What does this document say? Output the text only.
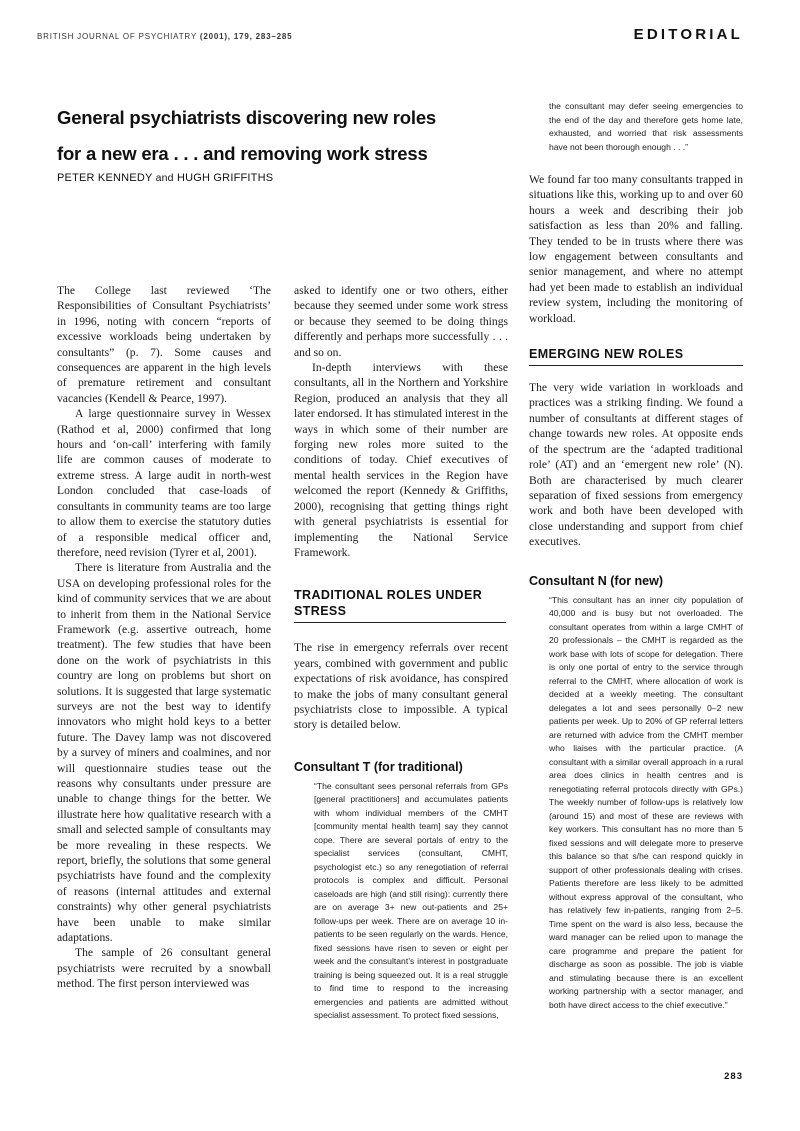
BRITISH JOURNAL OF PSYCHIATRY (2001), 179, 283–285	EDITORIAL
General psychiatrists discovering new roles
for a new era . . . and removing work stress
PETER KENNEDY and HUGH GRIFFITHS

The College last reviewed ‘The Responsibilities of Consultant Psychiatrists’ in 1996, noting with concern “reports of excessive workloads being undertaken by consultants” (p. 7). Some causes and consequences are apparent in the high levels of premature retirement and consultant vacancies (Kendell & Pearce, 1997).

A large questionnaire survey in Wessex (Rathod et al, 2000) confirmed that long hours and ‘on-call’ interfering with family life are common causes of moderate to extreme stress. A large audit in north-west London concluded that case-loads of consultants in community teams are too large to allow them to exercise the statutory duties of a responsible medical officer and, therefore, need revision (Tyrer et al, 2001).

There is literature from Australia and the USA on developing professional roles for the kind of community services that we are about to inherit from them in the National Service Framework (e.g. assertive outreach, home treatment). The few studies that have been done on the work of psychiatrists in this country are long on problems but short on solutions. It is suggested that large systematic surveys are not the best way to identify innovators who might hold keys to a better future. The Davey lamp was not discovered by a survey of miners and coalmines, and nor will questionnaire studies tease out the reasons why consultants under pressure are unable to change things for the better. We illustrate here how qualitative research with a small and selected sample of consultants may be more revealing in these respects. We report, briefly, the solutions that some general psychiatrists have found and the complexity of reasons (internal attitudes and external constraints) why other general psychiatrists have been unable to make similar adaptations.

The sample of 26 consultant general psychiatrists were recruited by a snowball method. The first person interviewed was

asked to identify one or two others, either because they seemed under some work stress or because they seemed to be doing things differently and perhaps more successfully . . . and so on.

In-depth interviews with these consultants, all in the Northern and Yorkshire Region, produced an analysis that they all later endorsed. It has stimulated interest in the ways in which some of their number are forging new roles more suited to the conditions of today. Chief executives of mental health services in the Region have welcomed the report (Kennedy & Griffiths, 2000), recognising that getting things right with general psychiatrists is essential for implementing the National Service Framework.

TRADITIONAL ROLES UNDER STRESS

The rise in emergency referrals over recent years, combined with government and public expectations of risk avoidance, has conspired to make the jobs of many consultant general psychiatrists close to impossible. A typical story is detailed below.

Consultant T (for traditional)

“The consultant sees personal referrals from GPs [general practitioners] and accumulates patients with whom individual members of the CMHT [community mental health team] say they cannot cope. There are several portals of entry to the specialist services (consultant, CMHT, psychologist etc.) so any renegotiation of referral protocols is complex and difficult. Personal caseloads are high (and still rising): currently there are on average 3+ new out-patients and 25+ follow-ups per week. There are on average 10 in-patients to be seen regularly on the wards. Hence, fixed sessions have risen to seven or eight per week and the consultant’s interest in postgraduate training is being squeezed out. It is a real struggle to find time to respond to the increasing emergencies and patients are admitted without specialist assessment. To protect fixed sessions,

the consultant may defer seeing emergencies to the end of the day and therefore gets home late, exhausted, and worried that risk assessments have not been thorough enough . . .”

We found far too many consultants trapped in situations like this, working up to and over 60 hours a week and describing their job satisfaction as less than 20% and falling. They tended to be in trusts where there was low engagement between consultants and senior management, and where no attempt had yet been made to establish an individual review system, including the monitoring of workload.

EMERGING NEW ROLES

The very wide variation in workloads and practices was a striking finding. We found a number of consultants at different stages of change towards new roles. At opposite ends of the spectrum are the ‘adapted traditional role’ (AT) and an ‘emergent new role’ (N). Both are characterised by much clearer separation of fixed sessions from emergency work and both have been developed with close understanding and support from chief executives.

Consultant N (for new)

“This consultant has an inner city population of 40,000 and is busy but not overloaded. The consultant operates from within a large CMHT of 20 professionals – the CMHT is regarded as the work base with lots of scope for delegation. There is only one portal of entry to the service through referral to the CMHT, where allocation of work is decided at a weekly meeting. The consultant delegates a lot and sees personally 0–2 new patients per week. Up to 20% of GP referral letters are returned with advice from the CMHT member who liaises with the particular practice. (A consultant with a similar overall approach in a rural area does clinics in health centres and is renegotiating referral protocols directly with GPs.) The weekly number of follow-ups is relatively low (around 15) and most of these are reviews with key workers. This consultant has no more than 5 fixed sessions and will delegate more to preserve this balance so that s/he can respond quickly in support of other professionals dealing with crises. Patients therefore are less likely to be admitted without express approval of the consultant, who has relatively few in-patients, ranging from 2–5. Time spent on the ward is also less, because the ward manager can be relied upon to manage the care programme and prepare the patient for discharge as soon as possible. The job is viable and stimulating because there is an excellent working partnership with a sector manager, and both have direct access to the chief executive.”

283
